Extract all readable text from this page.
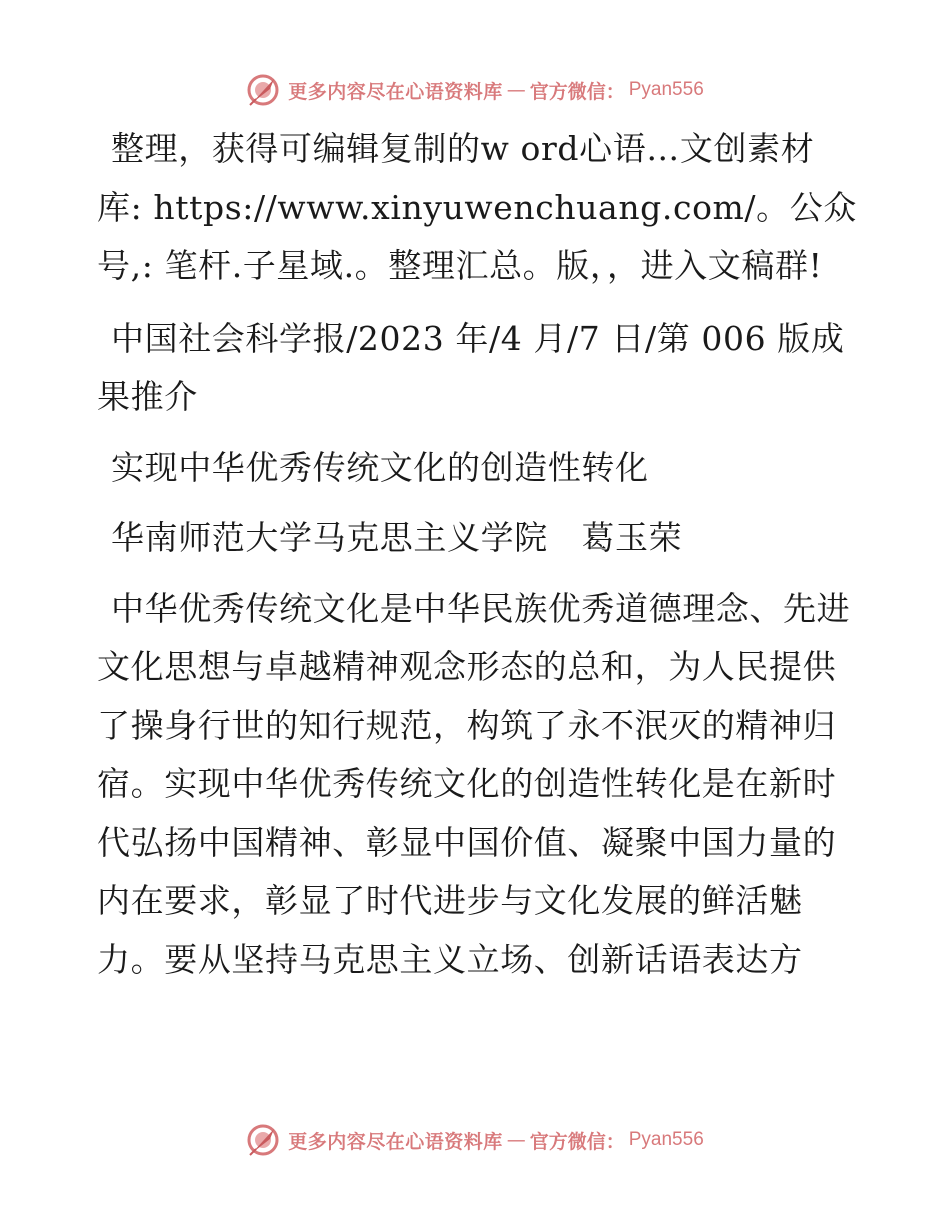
更多内容尽在心语资料库 — 官方微信： Pyan556

整理，获得可编辑复制的w ord心语…文创素材库: https://www.xinyuwenchuang.com/。公众号,: 笔杆.子星域.。整理汇总。版，，进入文稿群!

中国社会科学报/2023 年/4 月/7 日/第 006 版成果推介

实现中华优秀传统文化的创造性转化

华南师范大学马克思主义学院　葛玉荣

中华优秀传统文化是中华民族优秀道德理念、先进文化思想与卓越精神观念形态的总和，为人民提供了操身行世的知行规范，构筑了永不泯灭的精神归宿。实现中华优秀传统文化的创造性转化是在新时代弘扬中国精神、彰显中国价值、凝聚中国力量的内在要求，彰显了时代进步与文化发展的鲜活魅力。要从坚持马克思主义立场、创新话语表达方

更多内容尽在心语资料库 — 官方微信： Pyan556
